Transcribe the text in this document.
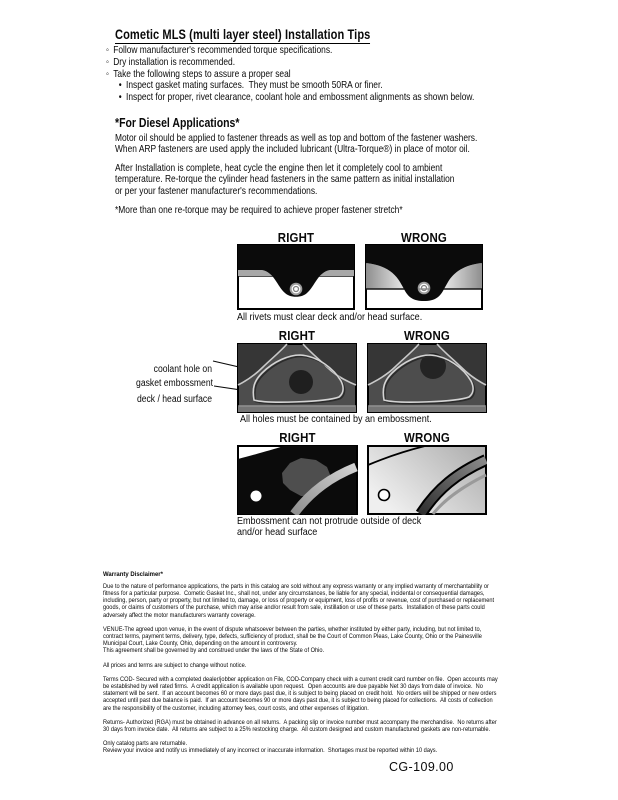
Cometic MLS (multi layer steel) Installation Tips
◦ Follow manufacturer's recommended torque specifications.
◦ Dry installation is recommended.
◦ Take the following steps to assure a proper seal
• Inspect gasket mating surfaces.  They must be smooth 50RA or finer.
• Inspect for proper, rivet clearance, coolant hole and embossment alignments as shown below.
*For Diesel Applications*
Motor oil should be applied to fastener threads as well as top and bottom of the fastener washers.
When ARP fasteners are used apply the included lubricant (Ultra-Torque®) in place of motor oil.
After Installation is complete, heat cycle the engine then let it completely cool to ambient
temperature. Re-torque the cylinder head fasteners in the same pattern as initial installation
or per your fastener manufacturer's recommendations.
*More than one re-torque may be required to achieve proper fastener stretch*
RIGHT	WRONG
All rivets must clear deck and/or head surface.
RIGHT	WRONG

coolant hole on

deck / head surface

gasket embossment
All holes must be contained by an embossment.
RIGHT	WRONG
Embossment can not protrude outside of deck
and/or head surface
Warranty Disclaimer*
Due to the nature of performance applications, the parts in this catalog are sold without any express warranty or any implied warranty of merchantability or
fitness for a particular purpose.  Cometic Gasket Inc., shall not, under any circumstances, be liable for any special, incidental or consequential damages,
including, person, party or property, but not limited to, damage, or loss of property or equipment, loss of profits or revenue, cost of purchased or replacement
goods, or claims of customers of the purchase, which may arise and/or result from sale, instillation or use of these parts.  Installation of these parts could
adversely affect the motor manufacturers warranty coverage.
VENUE-The agreed upon venue, in the event of dispute whatsoever between the parties, whether instituted by either party, including, but not limited to,
contract terms, payment terms, delivery, type, defects, sufficiency of product, shall be the Court of Common Pleas, Lake County, Ohio or the Painesville
Municipal Court, Lake County, Ohio, depending on the amount in controversy.
This agreement shall be governed by and construed under the laws of the State of Ohio.
All prices and terms are subject to change without notice.
Terms COD- Secured with a completed dealer/jobber application on File, COD-Company check with a current credit card number on file.  Open accounts may
be established by well rated firms.  A credit application is available upon request.  Open accounts are due payable Net 30 days from date of invoice.  No
statement will be sent.  If an account becomes 60 or more days past due, it is subject to being placed on credit hold.  No orders will be shipped or new orders
accepted until past due balance is paid.  If an account becomes 90 or more days past due, it is subject to being placed for collections.  All costs of collection
are the responsibility of the customer, including attorney fees, court costs, and other expenses of litigation.
Returns- Authorized (RGA) must be obtained in advance on all returns.  A packing slip or invoice number must accompany the merchandise.  No returns after
30 days from invoice date.  All returns are subject to a 25% restocking charge.  All custom designed and custom manufactured gaskets are non-returnable.
Only catalog parts are returnable.
Review your invoice and notify us immediately of any incorrect or inaccurate information.  Shortages must be reported within 10 days.
CG-109.00
